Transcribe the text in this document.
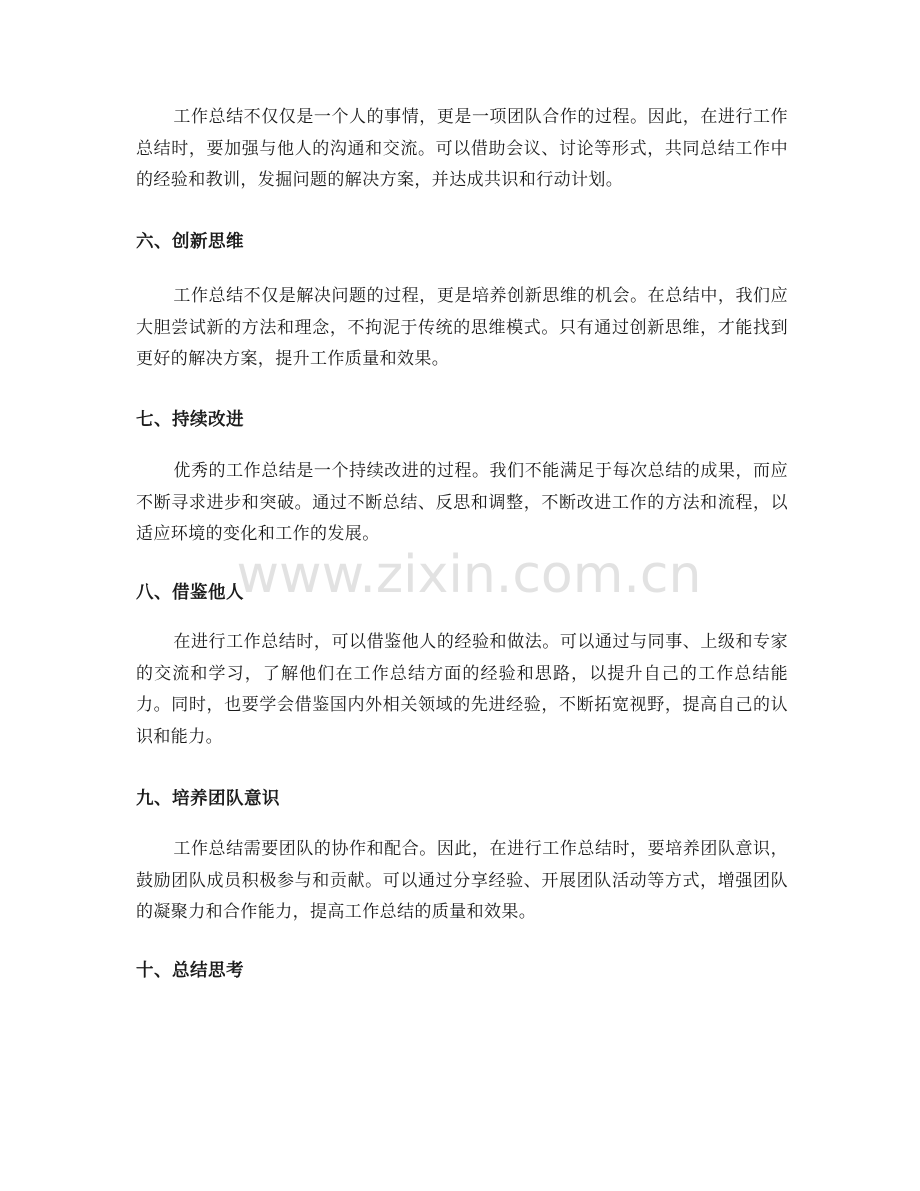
工作总结不仅仅是一个人的事情，更是一项团队合作的过程。因此，在进行工作总结时，要加强与他人的沟通和交流。可以借助会议、讨论等形式，共同总结工作中的经验和教训，发掘问题的解决方案，并达成共识和行动计划。

六、创新思维

工作总结不仅是解决问题的过程，更是培养创新思维的机会。在总结中，我们应大胆尝试新的方法和理念，不拘泥于传统的思维模式。只有通过创新思维，才能找到更好的解决方案，提升工作质量和效果。

七、持续改进

优秀的工作总结是一个持续改进的过程。我们不能满足于每次总结的成果，而应不断寻求进步和突破。通过不断总结、反思和调整，不断改进工作的方法和流程，以适应环境的变化和工作的发展。

八、借鉴他人

在进行工作总结时，可以借鉴他人的经验和做法。可以通过与同事、上级和专家的交流和学习，了解他们在工作总结方面的经验和思路，以提升自己的工作总结能力。同时，也要学会借鉴国内外相关领域的先进经验，不断拓宽视野，提高自己的认识和能力。

九、培养团队意识

工作总结需要团队的协作和配合。因此，在进行工作总结时，要培养团队意识，鼓励团队成员积极参与和贡献。可以通过分享经验、开展团队活动等方式，增强团队的凝聚力和合作能力，提高工作总结的质量和效果。

十、总结思考
www.zixin.com.cn
